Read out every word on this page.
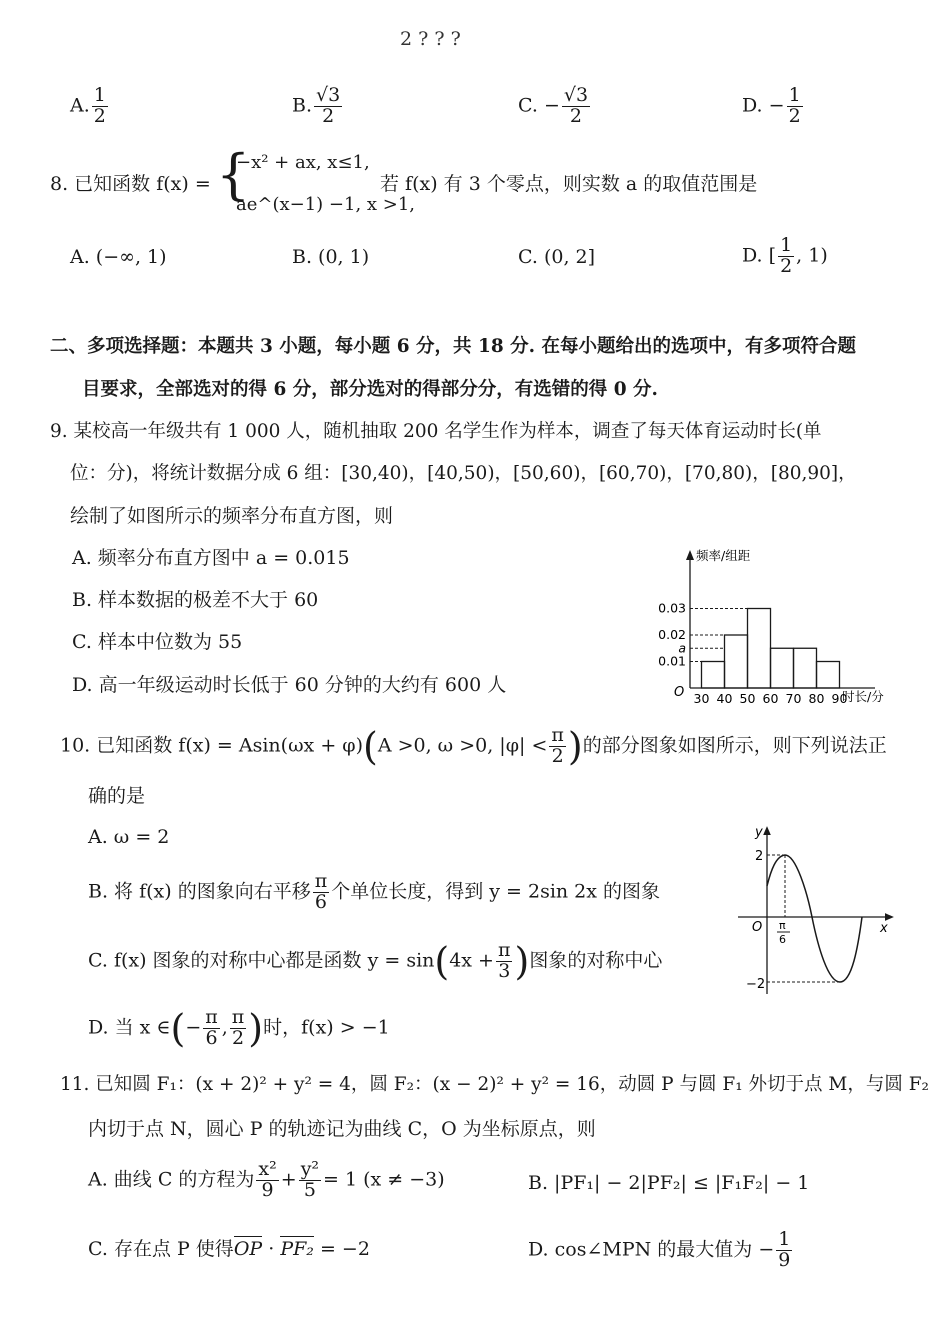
2 ? ? ?
A. $\frac{1}{2}$	B. $\frac{√3}{2}$	C. − $\frac{√3}{2}$	D. − $\frac{1}{2}$
8. 已知函数 f(x) = {
−x² + ax, x≤1,
ae^(x−1) −1, x >1,
若 f(x) 有 3 个零点，则实数 a 的取值范围是
A. (−∞, 1)	B. (0, 1)	C. (0, 2]	D. [ $\frac{1}{2}$ , 1)
二、多项选择题：本题共 3 小题，每小题 6 分，共 18 分. 在每小题给出的选项中，有多项符合题
目要求，全部选对的得 6 分，部分选对的得部分分，有选错的得 0 分.
9. 某校高一年级共有 1 000 人，随机抽取 200 名学生作为样本，调查了每天体育运动时长(单
位：分)，将统计数据分成 6 组：[30,40)，[40,50)，[50,60)，[60,70)，[70,80)，[80,90]，
绘制了如图所示的频率分布直方图，则
A. 频率分布直方图中 a = 0.015
B. 样本数据的极差不大于 60
C. 样本中位数为 55
D. 高一年级运动时长低于 60 分钟的大约有 600 人
频率/组距
时长/分
O 30 40 50 60 70 80 90
0.03
0.02
a
0.01
10. 已知函数 f(x) = Asin(ωx + φ)(A >0, ω >0, $|\varphi| < \frac{\pi}{2}$ )的部分图象如图所示，则下列说法正
确的是
A. ω = 2
B. 将 f(x) 的图象向右平移 $\frac{\pi}{6}$ 个单位长度，得到 y = 2sin 2x 的图象
C. f(x) 图象的对称中心都是函数 $y = \sin(4x + \frac{\pi}{3}$ )图象的对称中心
D. 当 x ∈(− $\frac{\pi}{6}$ , $\frac{\pi}{2}$ )时，f(x) > −1
y
x
O
2
−2
π
6
11. 已知圆 F₁：(x + 2)² + y² = 4，圆 F₂：(x − 2)² + y² = 16，动圆 P 与圆 F₁ 外切于点 M，与圆 F₂
内切于点 N，圆心 P 的轨迹记为曲线 C，O 为坐标原点，则
A. 曲线 C 的方程为 $\frac{\text{x²}}{9} + \frac{\text{y²}}{5} = 1$ (x ≠ −3)	B. |PF₁| − 2|PF₂| ≤ |F₁F₂| − 1
C. 存在点 P 使得OP · PF₂ = −2	D. cos∠MPN 的最大值为 − $\frac{1}{9}$
